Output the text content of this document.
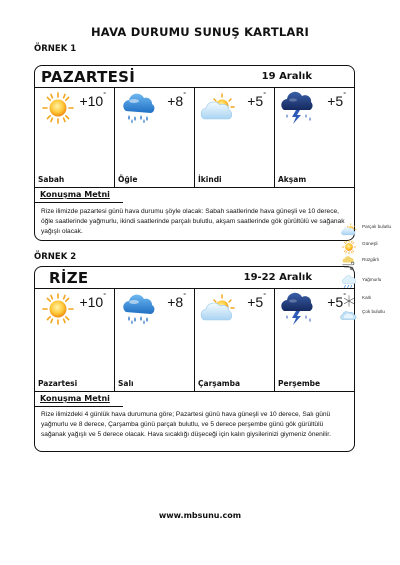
HAVA DURUMU SUNUŞ KARTLARI
ÖRNEK 1
PAZARTESİ	19 Aralık
+10°
Sabah
+8°
Öğle
+5°
İkindi
+5°
Akşam
Konuşma Metni
Rize ilimizde pazartesi günü hava durumu şöyle olacak: Sabah saatlerinde hava güneşli ve 10 derece, öğle saatlerinde yağmurlu, ikindi saatlerinde parçalı bulutlu, akşam saatlerinde gök gürültülü ve sağanak yağışlı olacak.
ÖRNEK 2
RİZE	19-22 Aralık
+10°
Pazartesi
+8°
Salı
+5°
Çarşamba
+5°
Perşembe
Konuşma Metni
Rize ilimizdeki 4 günlük hava durumuna göre; Pazartesi günü hava güneşli ve 10 derece, Salı günü yağmurlu ve 8 derece, Çarşamba günü parçalı bulutlu, ve 5 derece perşembe günü gök gürültülü sağanak yağışlı ve 5 derece olacak. Hava sıcaklığı düşeceği için kalın giysilerinizi giymeniz önenilir.
Parçalı bulutlu
Güneşli
Rüzgârlı
Yağmurlu
Karlı
Çok bulutlu
www.mbsunu.com
